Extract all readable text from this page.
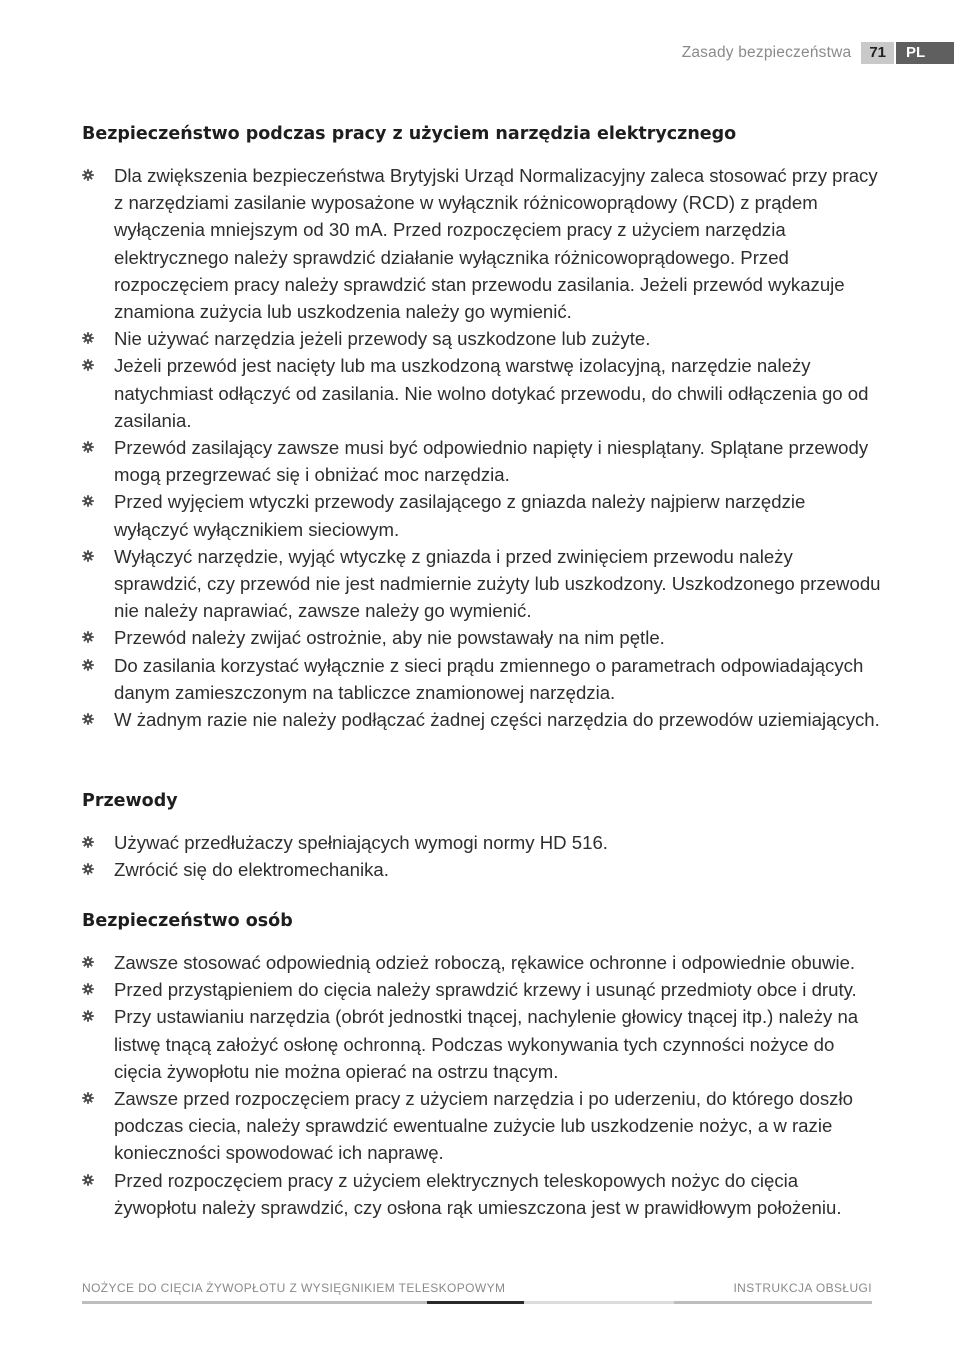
Zasady bezpieczeństwa	71	PL
Bezpieczeństwo podczas pracy z użyciem narzędzia elektrycznego
Dla zwiększenia bezpieczeństwa Brytyjski Urząd Normalizacyjny zaleca stosować przy pracy z narzędziami zasilanie wyposażone w wyłącznik różnicowoprądowy (RCD) z prądem wyłączenia mniejszym od 30 mA. Przed rozpoczęciem pracy z użyciem narzędzia elektrycznego należy sprawdzić działanie wyłącznika różnicowoprądowego. Przed rozpoczęciem pracy należy sprawdzić stan przewodu zasilania. Jeżeli przewód wykazuje znamiona zużycia lub uszkodzenia należy go wymienić.
Nie używać narzędzia jeżeli przewody są uszkodzone lub zużyte.
Jeżeli przewód jest nacięty lub ma uszkodzoną warstwę izolacyjną, narzędzie należy natychmiast odłączyć od zasilania. Nie wolno dotykać przewodu, do chwili odłączenia go od zasilania.
Przewód zasilający zawsze musi być odpowiednio napięty i niesplątany. Splątane przewody mogą przegrzewać się i obniżać moc narzędzia.
Przed wyjęciem wtyczki przewody zasilającego z gniazda należy najpierw narzędzie wyłączyć wyłącznikiem sieciowym.
Wyłączyć narzędzie, wyjąć wtyczkę z gniazda i przed zwinięciem przewodu należy sprawdzić, czy przewód nie jest nadmiernie zużyty lub uszkodzony. Uszkodzonego przewodu nie należy naprawiać, zawsze należy go wymienić.
Przewód należy zwijać ostrożnie, aby nie powstawały na nim pętle.
Do zasilania korzystać wyłącznie z sieci prądu zmiennego o parametrach odpowiadających danym zamieszczonym na tabliczce znamionowej narzędzia.
W żadnym razie nie należy podłączać żadnej części narzędzia do przewodów uziemiających.
Przewody
Używać przedłużaczy spełniających wymogi normy HD 516.
Zwrócić się do elektromechanika.
Bezpieczeństwo osób
Zawsze stosować odpowiednią odzież roboczą, rękawice ochronne i odpowiednie obuwie.
Przed przystąpieniem do cięcia należy sprawdzić krzewy i usunąć przedmioty obce i druty.
Przy ustawianiu narzędzia (obrót jednostki tnącej, nachylenie głowicy tnącej itp.) należy na listwę tnącą założyć osłonę ochronną. Podczas wykonywania tych czynności nożyce do cięcia żywopłotu nie można opierać na ostrzu tnącym.
Zawsze przed rozpoczęciem pracy z użyciem narzędzia i po uderzeniu, do którego doszło podczas ciecia, należy sprawdzić ewentualne zużycie lub uszkodzenie nożyc, a w razie konieczności spowodować ich naprawę.
Przed rozpoczęciem pracy z użyciem elektrycznych teleskopowych nożyc do cięcia żywopłotu należy sprawdzić, czy osłona rąk umieszczona jest w prawidłowym położeniu.
NOŻYCE DO CIĘCIA ŻYWOPŁOTU Z WYSIĘGNIKIEM TELESKOPOWYM	INSTRUKCJA OBSŁUGI
